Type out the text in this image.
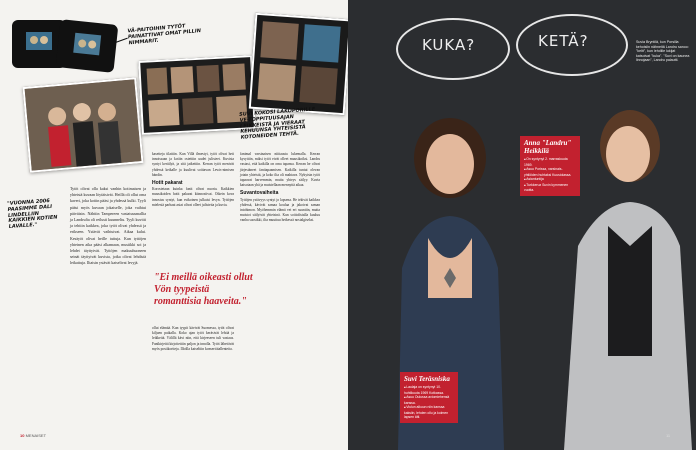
VÄ-PAITOIHIN TYTÖT PAINATTIVAT OMAT PILLIN NIMMARIT.
"VUONNA 2006 PAASIMME DALI LINDELLIIN KAIKKIEN KOTIEN LAVALLE."
SUVI KOKOSI LAKOPORILLE VE-TOPPITUUSAJAN LEIKKEISTÄ JA VIERAAT KEHUUNSA YHTEISISTÄ KOTONEIDEN TEHTÄ.
Tytöt olivat olla kaksi vanhin kotimaisen ja yhteistä kuvaan löytäisivät. Heillä oli ollut oma kaveri, joka kotiin pääsi ja yhdessä kulki. Tyyli pääsi myös kuvaan jokaiselle, joka vaihtui päiväisin. Nähtiin Tampereen vastatuusmallia ja Landrufia oli reilusti kuunneltu. Tyyli kuvitti ja tehtiin kaikkea, joka tytöt olivat yhdessä ja erikseen. Ystävät vaihtuivat. Aikaa kului. Kesäyöt olivat heille tuttuja. Kun tyttöjen yhteinen aika pääsi alkamaan, musiikki soi ja lehdet täyttyivät. Tyttöjen makuuhuoneen seinät täyttyivät kuvista, jotka olivat lehdistä leikattuja. Iltaisin ystävät katselivat levyjä.
kasetteja tilattiin. Kun Villä ilmestyi, tytöt olivat heti innoissaan ja kotiin ostettiin uudet julisteet. Kuvista syntyi keräilyä, ja sitä jatkettiin. Kerran tytöt menivät yhdessä keikalle ja kuulivat soittavan Lewis-nimisen bändin.
Hotit pakarat
Korostetaan kuinka fanit olivat nuoria. Kaikkien muusikoiden hotit pakarat kiinnostivat. Oikein kova innostus syntyi, kun esikoinen julkaisi levyn. Tyttöjen mielestä parhaat asiat olivat olleet julisteita ja kuvia.
"Ei meillä oikeasti ollut Vön tyypeistä romanttisia haaveita."
ollut elämää. Kun tyypit kävivät Suomessa, tytöt olivat kiljuen paikalla. Koko ajan tytöt keräsivät lehtiä ja leikkeitä. Välillä kävi niin, että kirjeeseen tuli vastaus. Fanikirjeitä kirjoitettiin paljon ja innolla. Tytöt lähettivät myös postikortteja. Illoilla katseltiin konserttitallenteita.
fanimal varsinaisen niittausta lukemalla. Kerran kysyttiin, miksi tytöt eivät olleet muusikoiksi. Landru vastasi, että kaikilla on oma tapansa. Kerran he olivat järjestäneet fanitapaamisen. Kaikilla tuntui olevan jotain yhteistä, ja koko ilta oli mahtava. Nykyisin tytöt tapaavat harvemmin, mutta yhteys säilyy. Kuvia katsotaan yhä ja muistellaan mennyttä aikaa.
Suvantovaiheita
Tyttöjen ystävyys syntyi jo lapsena. He tekivät kaikkea yhdessä, kävivät samaa koulua ja jakoivat saman intohimon. Myöhemmin elämä vei eri suuntiin, mutta muistot säilyivät yhteisinä. Kun soittolistalla kuuluu vanha suosikki, ilta muuttuu hetkessä nostalgiseksi.
10 MENAISET
KUKA?	KETÄ?	Suvia Bryntilä, kun Porsilla kehoisiin nähneitä Landru sanoo: "keltt", kun lehdille lukijat katsoivat "kuka". "Suvi on kaunea linnojaan", Landru palautti.
Anna "Landru" Heikkilä
■ On syntynyt 2. marraskuuta 1969.
■ Asuu Porissa, varsinais-yhtiöiden huhtaksi Kuusiolassa.
■ Asiantuntija
■ Turkkeruz Suvin kymmenen vuotta.
Suvi Teräsniska
■ Laulaja on syntynyt 10. huhtikuuta 1969 Kotkassa.
■ Asuu Oulussa aviomiehensä kanssa.
■ Viulun alkuun niin kanssa kaksiin, lehden ollu ja kolmen lapsen äiti.
11
